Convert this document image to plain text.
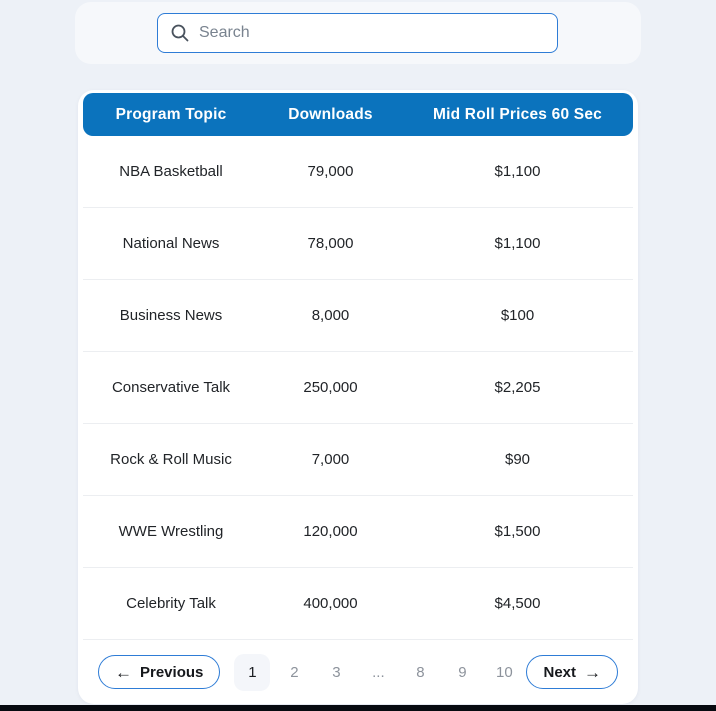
Search
Program Topic	Downloads	Mid Roll Prices 60 Sec
NBA Basketball	79,000	$1,100
National News	78,000	$1,100
Business News	8,000	$100
Conservative Talk	250,000	$2,205
Rock & Roll Music	7,000	$90
WWE Wrestling	120,000	$1,500
Celebrity Talk	400,000	$4,500
← Previous	1	2	3	...	8	9	10	Next →
